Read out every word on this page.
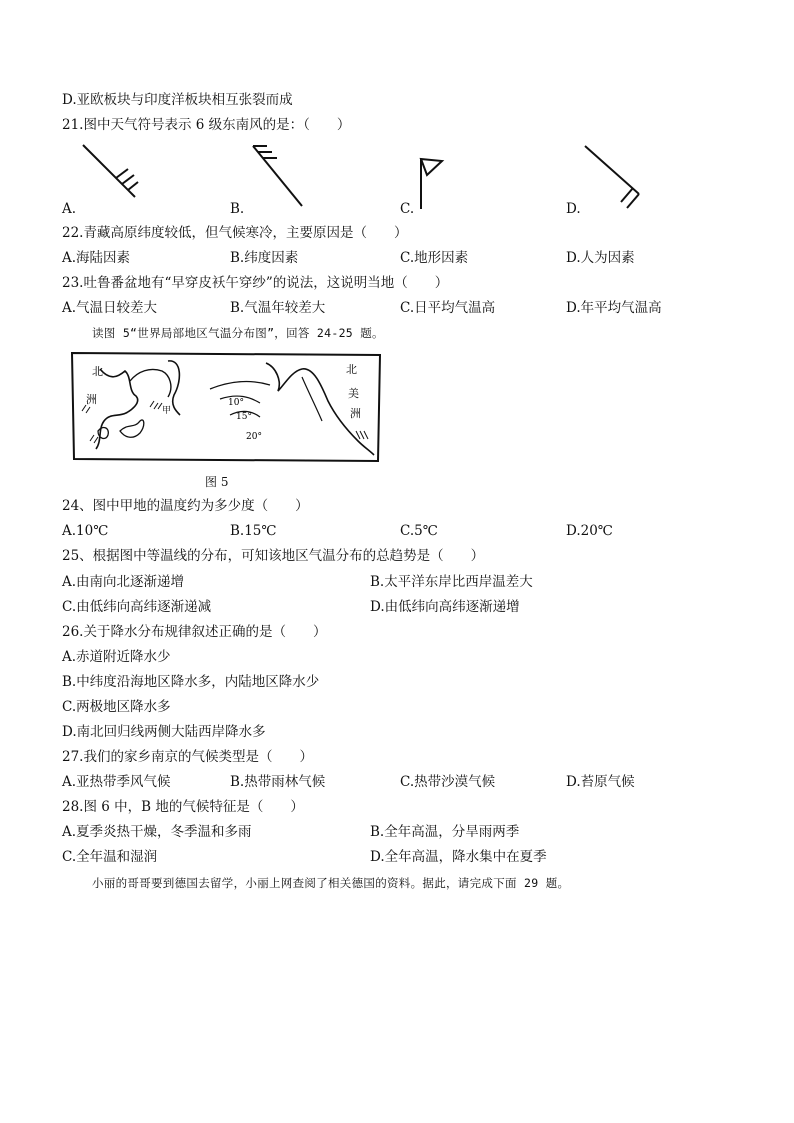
D.亚欧板块与印度洋板块相互张裂而成
21.图中天气符号表示 6 级东南风的是：（　　）
A.	B.	C.	D.
22.青藏高原纬度较低，但气候寒冷，主要原因是（　　）
A.海陆因素	B.纬度因素	C.地形因素	D.人为因素
23.吐鲁番盆地有“早穿皮袄午穿纱”的说法，这说明当地（　　）
A.气温日较差大	B.气温年较差大	C.日平均气温高	D.年平均气温高
读图 5“世界局部地区气温分布图”，回答 24-25 题。
北
洲
甲
10°
15°
20°
北
美
洲
图 5
24、图中甲地的温度约为多少度（　　）
A.10℃	B.15℃	C.5℃	D.20℃
25、根据图中等温线的分布，可知该地区气温分布的总趋势是（　　）
A.由南向北逐渐递增	B.太平洋东岸比西岸温差大
C.由低纬向高纬逐渐递减	D.由低纬向高纬逐渐递增
26.关于降水分布规律叙述正确的是（　　）
A.赤道附近降水少
B.中纬度沿海地区降水多，内陆地区降水少
C.两极地区降水多
D.南北回归线两侧大陆西岸降水多
27.我们的家乡南京的气候类型是（　　）
A.亚热带季风气候	B.热带雨林气候	C.热带沙漠气候	D.苔原气候
28.图 6 中，B 地的气候特征是（　　）
A.夏季炎热干燥，冬季温和多雨	B.全年高温，分旱雨两季
C.全年温和湿润	D.全年高温，降水集中在夏季
小丽的哥哥要到德国去留学，小丽上网查阅了相关德国的资料。据此，请完成下面 29 题。
